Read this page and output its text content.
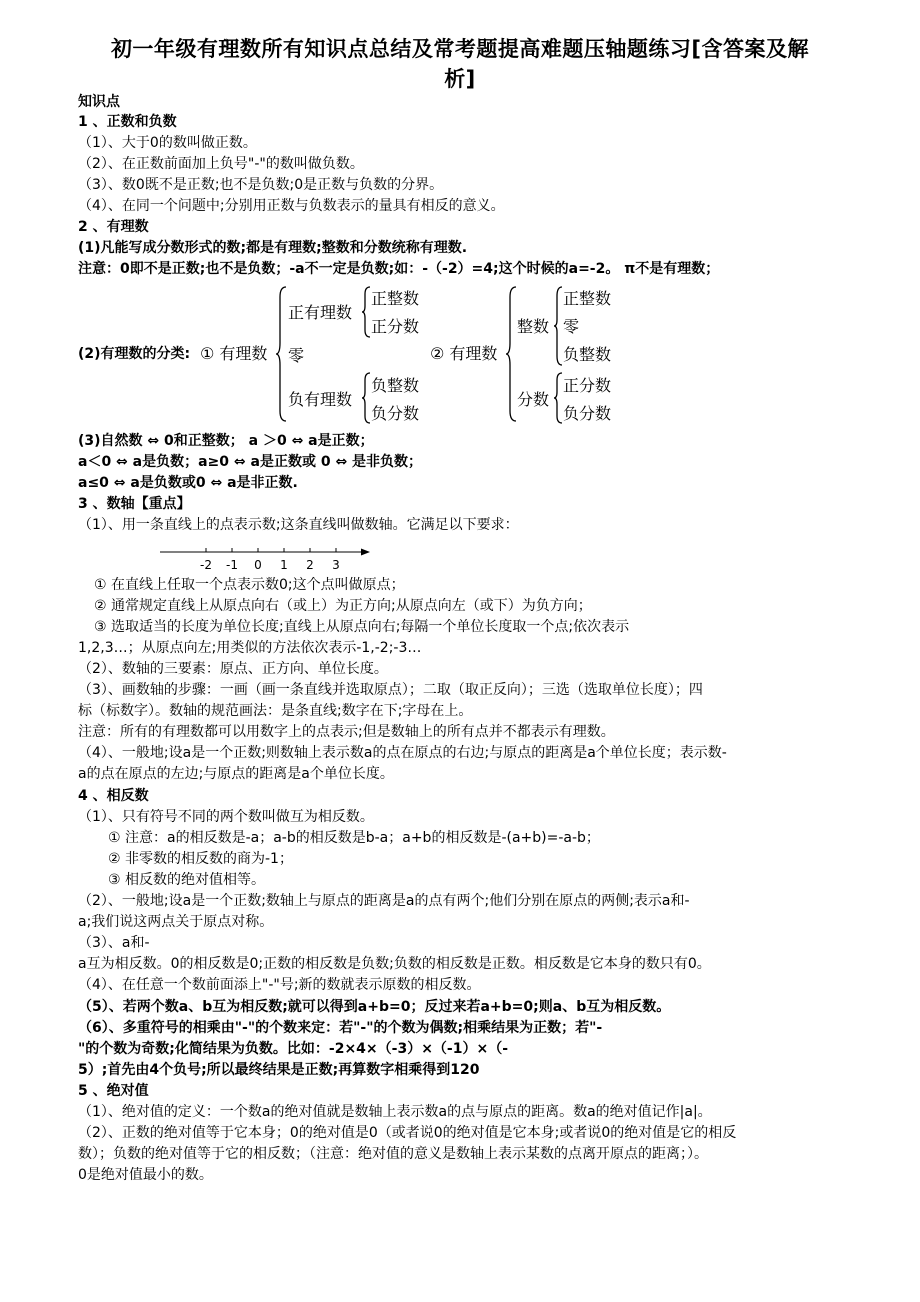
初一年级有理数所有知识点总结及常考题提高难题压轴题练习[含答案及解
析]
知识点
1 、正数和负数
（1）、大于0的数叫做正数。
（2）、在正数前面加上负号"-"的数叫做负数。
（3）、数0既不是正数;也不是负数;0是正数与负数的分界。
（4）、在同一个问题中;分别用正数与负数表示的量具有相反的意义。
2 、有理数
(1)凡能写成分数形式的数;都是有理数;整数和分数统称有理数.
注意：0即不是正数;也不是负数；-a不一定是负数;如：-（-2）=4;这个时候的a=-2。 π不是有理数；
(2)有理数的分类: ① 有理数
正有理数
正整数
正分数
零
负有理数
负整数
负分数
② 有理数
整数
正整数
零
负整数
分数
正分数
负分数
(3)自然数 ⇔ 0和正整数； a ＞0 ⇔ a是正数；
a＜0 ⇔ a是负数；a≥0 ⇔ a是正数或 0 ⇔ 是非负数；
a≤0 ⇔ a是负数或0 ⇔ a是非正数.
3 、数轴【重点】
（1）、用一条直线上的点表示数;这条直线叫做数轴。它满足以下要求：
-2 -1 0 1 2 3
① 在直线上任取一个点表示数0;这个点叫做原点；
② 通常规定直线上从原点向右（或上）为正方向;从原点向左（或下）为负方向；
③ 选取适当的长度为单位长度;直线上从原点向右;每隔一个单位长度取一个点;依次表示
1,2,3…；从原点向左;用类似的方法依次表示-1,-2;-3…
（2）、数轴的三要素：原点、正方向、单位长度。
（3）、画数轴的步骤：一画（画一条直线并选取原点）；二取（取正反向）；三选（选取单位长度）；四
标（标数字）。数轴的规范画法：是条直线;数字在下;字母在上。
注意：所有的有理数都可以用数字上的点表示;但是数轴上的所有点并不都表示有理数。
（4）、一般地;设a是一个正数;则数轴上表示数a的点在原点的右边;与原点的距离是a个单位长度；表示数-
a的点在原点的左边;与原点的距离是a个单位长度。
4 、相反数
（1）、只有符号不同的两个数叫做互为相反数。
① 注意：a的相反数是-a；a-b的相反数是b-a；a+b的相反数是-(a+b)=-a-b；
② 非零数的相反数的商为-1；
③ 相反数的绝对值相等。
（2）、一般地;设a是一个正数;数轴上与原点的距离是a的点有两个;他们分别在原点的两侧;表示a和-
a;我们说这两点关于原点对称。
（3）、a和-
a互为相反数。0的相反数是0;正数的相反数是负数;负数的相反数是正数。相反数是它本身的数只有0。
（4）、在任意一个数前面添上"-"号;新的数就表示原数的相反数。
（5）、若两个数a、b互为相反数;就可以得到a+b=0；反过来若a+b=0;则a、b互为相反数。
（6）、多重符号的相乘由"-"的个数来定：若"-"的个数为偶数;相乘结果为正数；若"-
"的个数为奇数;化简结果为负数。比如：-2×4×（-3）×（-1）×（-
5）;首先由4个负号;所以最终结果是正数;再算数字相乘得到120
5 、绝对值
（1）、绝对值的定义：一个数a的绝对值就是数轴上表示数a的点与原点的距离。数a的绝对值记作|a|。
（2）、正数的绝对值等于它本身；0的绝对值是0（或者说0的绝对值是它本身;或者说0的绝对值是它的相反
数）；负数的绝对值等于它的相反数；（注意：绝对值的意义是数轴上表示某数的点离开原点的距离；）。
0是绝对值最小的数。
